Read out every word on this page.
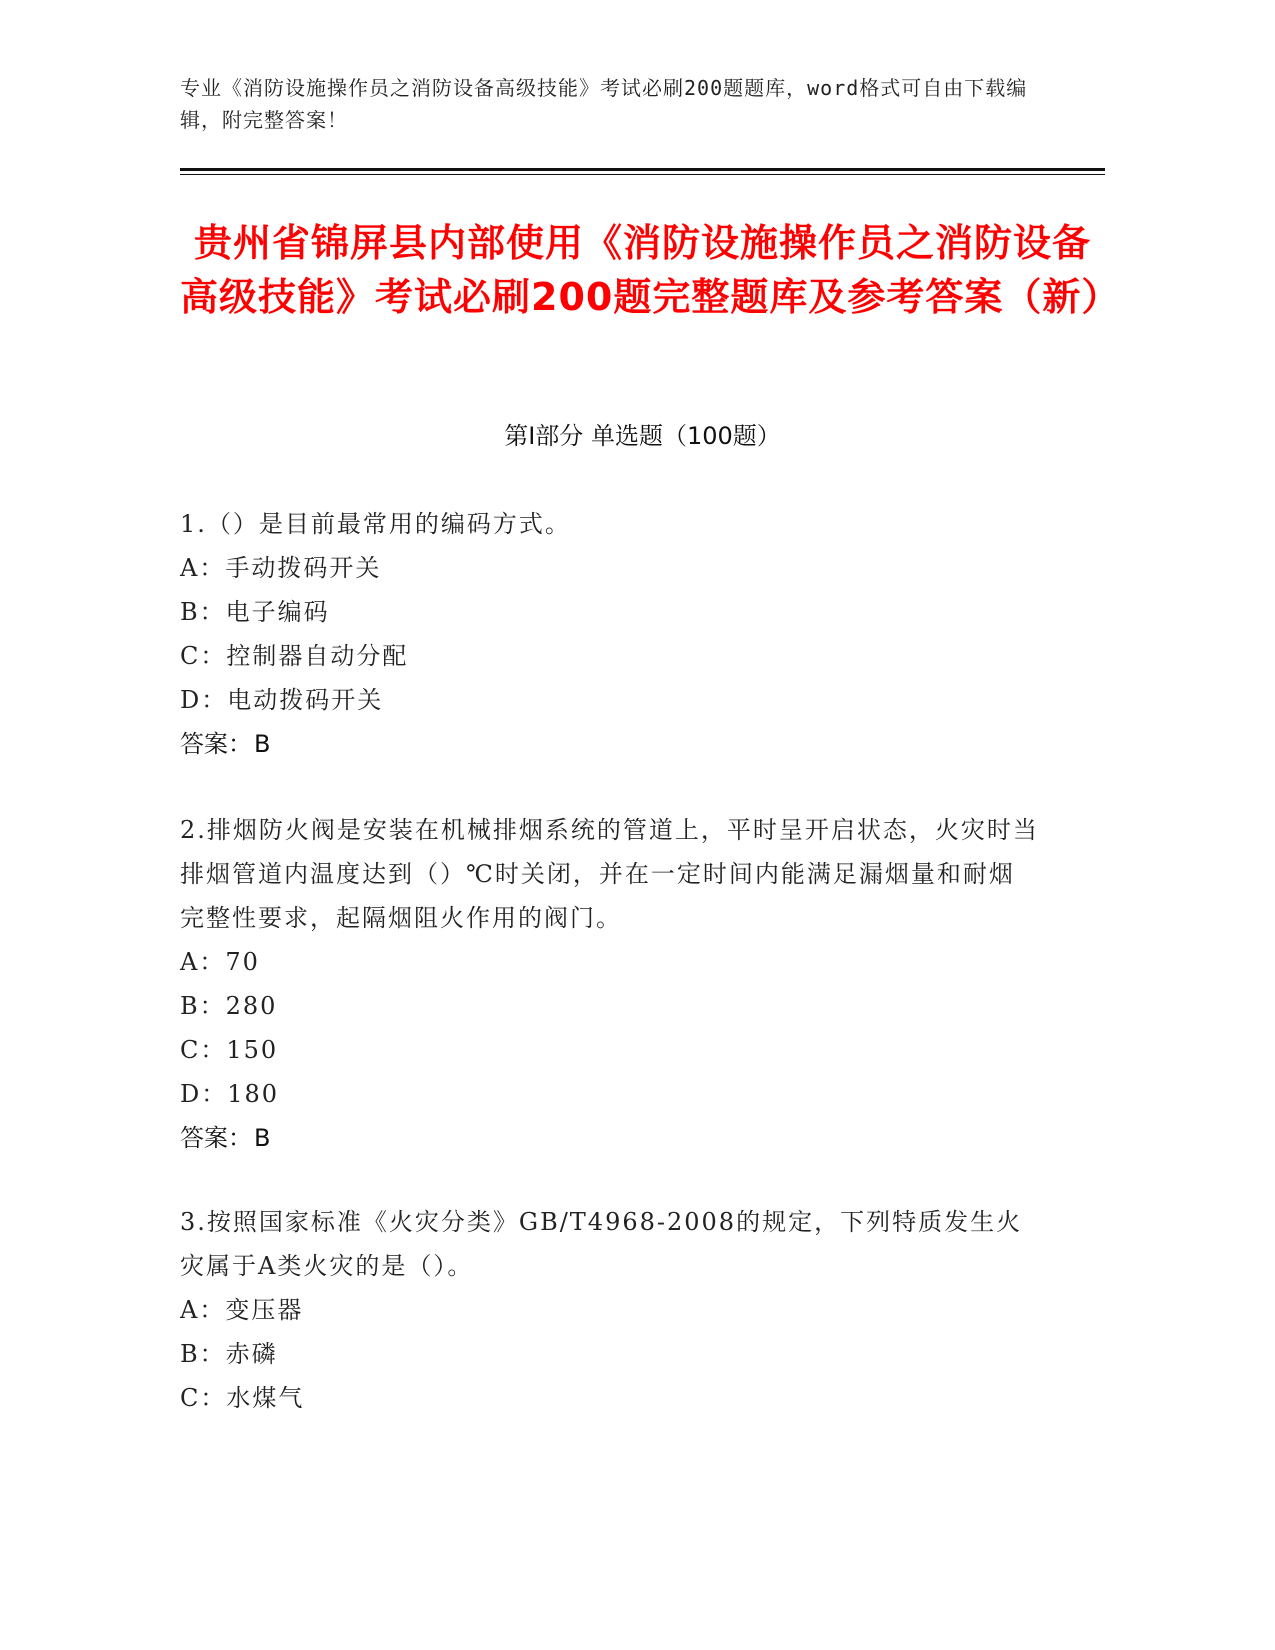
专业《消防设施操作员之消防设备高级技能》考试必刷200题题库，word格式可自由下载编辑，附完整答案！
贵州省锦屏县内部使用《消防设施操作员之消防设备高级技能》考试必刷200题完整题库及参考答案（新）
第Ⅰ部分 单选题（100题）

1.（）是目前最常用的编码方式。

A：手动拨码开关

B：电子编码

C：控制器自动分配

D：电动拨码开关

答案：B

2.排烟防火阀是安装在机械排烟系统的管道上，平时呈开启状态，火灾时当排烟管道内温度达到（）℃时关闭，并在一定时间内能满足漏烟量和耐烟完整性要求，起隔烟阻火作用的阀门。

A：70

B：280

C：150

D：180

答案：B

3.按照国家标准《火灾分类》GB/T4968-2008的规定，下列特质发生火灾属于A类火灾的是（）。

A：变压器

B：赤磷

C：水煤气
